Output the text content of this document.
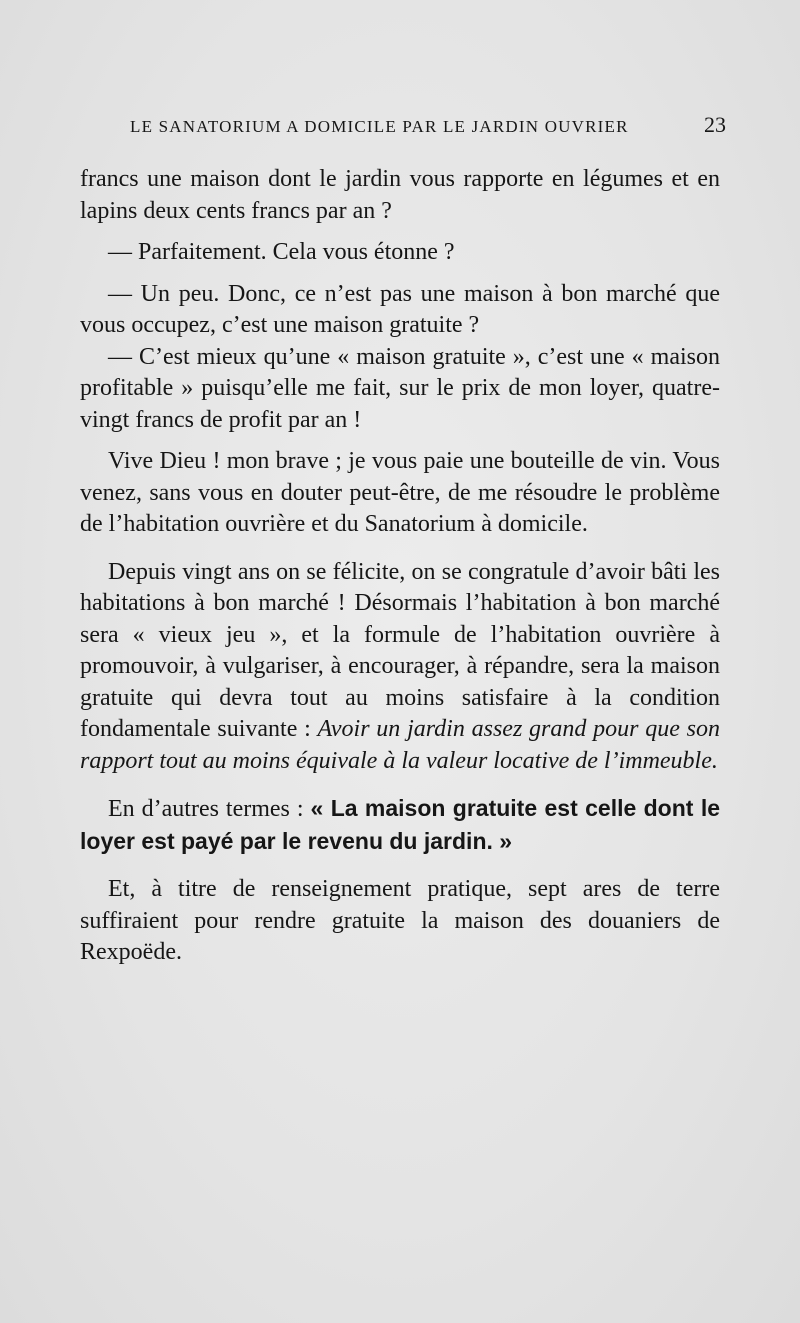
LE SANATORIUM A DOMICILE PAR LE JARDIN OUVRIER	23

francs une maison dont le jardin vous rapporte en légumes et en lapins deux cents francs par an ?

— Parfaitement. Cela vous étonne ?

— Un peu. Donc, ce n’est pas une maison à bon marché que vous occupez, c’est une maison gratuite ?

— C’est mieux qu’une « maison gratuite », c’est une « maison profitable » puisqu’elle me fait, sur le prix de mon loyer, quatre-vingt francs de profit par an !

Vive Dieu ! mon brave ; je vous paie une bouteille de vin. Vous venez, sans vous en douter peut-être, de me résoudre le problème de l’habitation ouvrière et du Sanatorium à domicile.

Depuis vingt ans on se félicite, on se congratule d’avoir bâti les habitations à bon marché ! Désormais l’habitation à bon marché sera « vieux jeu », et la formule de l’habitation ouvrière à promouvoir, à vulgariser, à encourager, à répandre, sera la maison gratuite qui devra tout au moins satisfaire à la condition fondamentale suivante : Avoir un jardin assez grand pour que son rapport tout au moins équivale à la valeur locative de l’immeuble.

En d’autres termes : « La maison gratuite est celle dont le loyer est payé par le revenu du jardin. »

Et, à titre de renseignement pratique, sept ares de terre suffiraient pour rendre gratuite la maison des douaniers de Rexpoëde.
